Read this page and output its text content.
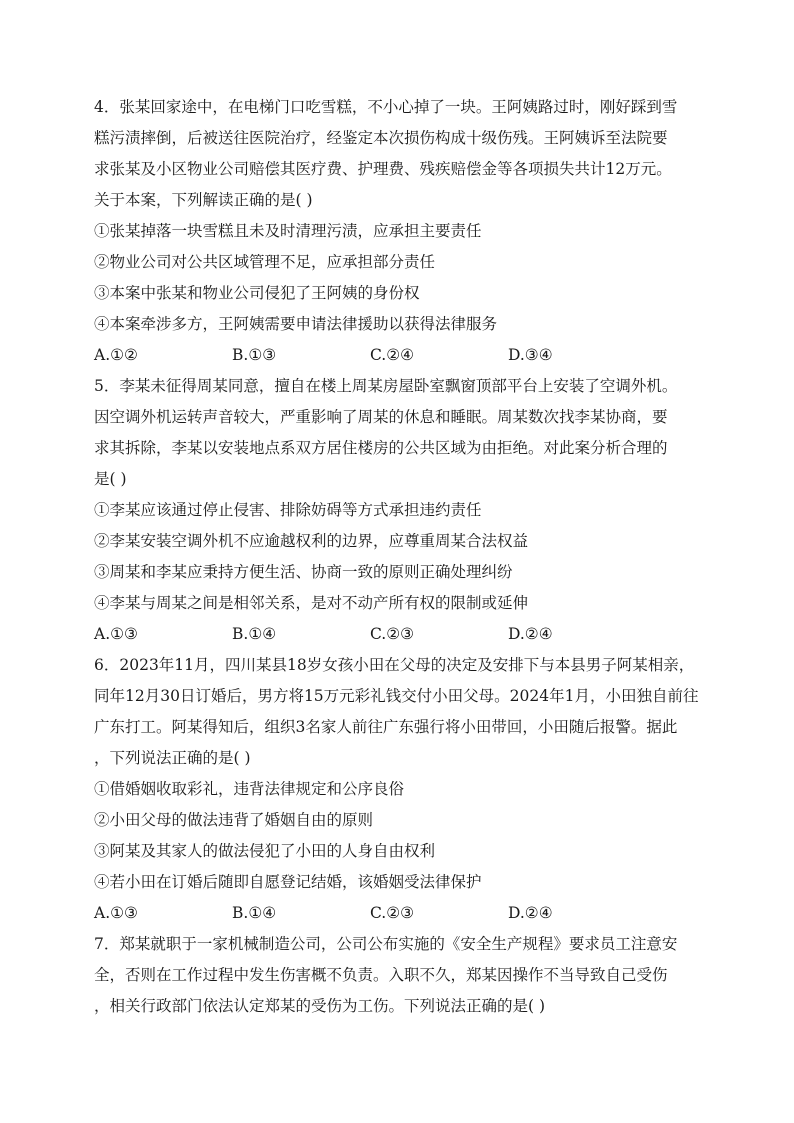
4．张某回家途中，在电梯门口吃雪糕，不小心掉了一块。王阿姨路过时，刚好踩到雪
糕污渍摔倒，后被送往医院治疗，经鉴定本次损伤构成十级伤残。王阿姨诉至法院要
求张某及小区物业公司赔偿其医疗费、护理费、残疾赔偿金等各项损失共计12万元。
关于本案，下列解读正确的是( )
①张某掉落一块雪糕且未及时清理污渍，应承担主要责任
②物业公司对公共区域管理不足，应承担部分责任
③本案中张某和物业公司侵犯了王阿姨的身份权
④本案牵涉多方，王阿姨需要申请法律援助以获得法律服务
A.①②	B.①③	C.②④	D.③④
5．李某未征得周某同意，擅自在楼上周某房屋卧室飘窗顶部平台上安装了空调外机。
因空调外机运转声音较大，严重影响了周某的休息和睡眠。周某数次找李某协商，要
求其拆除，李某以安装地点系双方居住楼房的公共区域为由拒绝。对此案分析合理的
是( )
①李某应该通过停止侵害、排除妨碍等方式承担违约责任
②李某安装空调外机不应逾越权利的边界，应尊重周某合法权益
③周某和李某应秉持方便生活、协商一致的原则正确处理纠纷
④李某与周某之间是相邻关系，是对不动产所有权的限制或延伸
A.①③	B.①④	C.②③	D.②④
6．2023年11月，四川某县18岁女孩小田在父母的决定及安排下与本县男子阿某相亲，
同年12月30日订婚后，男方将15万元彩礼钱交付小田父母。2024年1月，小田独自前往
广东打工。阿某得知后，组织3名家人前往广东强行将小田带回，小田随后报警。据此
，下列说法正确的是( )
①借婚姻收取彩礼，违背法律规定和公序良俗
②小田父母的做法违背了婚姻自由的原则
③阿某及其家人的做法侵犯了小田的人身自由权利
④若小田在订婚后随即自愿登记结婚，该婚姻受法律保护
A.①③	B.①④	C.②③	D.②④
7．郑某就职于一家机械制造公司，公司公布实施的《安全生产规程》要求员工注意安
全，否则在工作过程中发生伤害概不负责。入职不久，郑某因操作不当导致自己受伤
，相关行政部门依法认定郑某的受伤为工伤。下列说法正确的是( )
